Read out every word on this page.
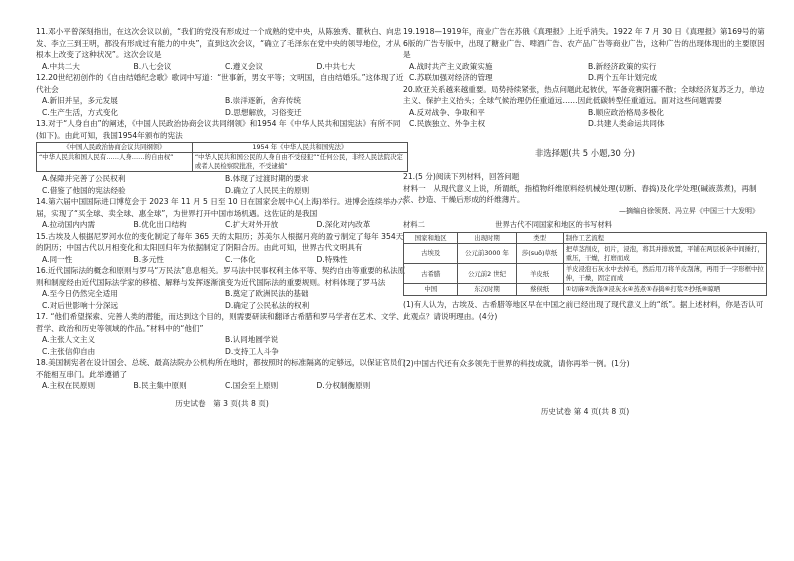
11.邓小平曾深刻指出，在这次会议以前，“我们的党没有形成过一个成熟的党中央，从陈独秀、瞿秋白、向忠发、李立三到王明，都没有形成过有能力的中央”，直到这次会议，“确立了毛泽东在党中央的领导地位，才从根本上改变了这种状况”。这次会议是
A.中共二大	B.八七会议	C.遵义会议	D.中共七大
12.20世纪初创作的《自由结婚纪念歌》歌词中写道：“世事新，男女平等；文明国，自由结婚乐。”这体现了近代社会
A.新旧并呈，多元发展	B.崇洋逐新，舍弃传统
C.生产生活，方式变化	D.思想解放，习俗变迁
13.对于“人身自由”的阐述，《中国人民政治协商会议共同纲领》和1954 年《中华人民共和国宪法》有所不同(如下)。由此可知，我国1954年颁布的宪法
《中国人民政治协商会议共同纲领》	1954 年《中华人民共和国宪法》
“中华人民共和国人民有……人身……的自由权”	“中华人民共和国公民的人身自由不受侵犯”“任何公民，非经人民法院决定或者人民检察院批准，不受逮捕”
A.保障并完善了公民权利	B.体现了过渡时期的要求
C.借鉴了他国的宪法经验	D.确立了人民民主的原则
14.第六届中国国际进口博览会于 2023 年 11 月 5 日至 10 日在国家会展中心(上海)举行。进博会连续举办六届，实现了“买全球、卖全球、惠全球”，为世界打开中国市场机遇。这佐证的是我国
A.拉动国内内需	B.优化出口结构	C.扩大对外开放	D.深化对内改革
15.古埃及人根据尼罗河水位的变化制定了每年 365 天的太阳历；苏美尔人根据月亮的盈亏制定了每年 354天的阴历；中国古代以月相变化和太阳回归年为依据制定了阴阳合历。由此可知，世界古代文明具有
A.同一性	B.多元性	C.一体化	D.特殊性
16.近代国际法的概念和原则与罗马“万民法”息息相关。罗马法中民事权利主体平等、契约自由等重要的私法原则和制度经由近代国际法学家的移植、解释与发挥逐渐演变为近代国际法的重要规则。材料体现了罗马法
A.至今日仍然完全适用	B.奠定了欧洲民法的基础
C.对后世影响十分深远	D.确定了公民私法的权利
17. “他们希望探索、完善人类的潜能，而达到这个目的，则需要研读和翻译古希腊和罗马学者在艺术、文学、哲学、政治和历史等领域的作品。”材料中的“他们”
A.主张人文主义	B.认同地圆学说
C.主张信仰自由	D.支持工人斗争
18.美国制宪者在设计国会、总统、最高法院办公机构所在地时，都按照时的标准隔离的定够远，以保证官员们不能相互串门。此举遵循了
A.主权在民原则	B.民主集中原则	C.国会至上原则	D.分权制衡原则
历史试卷　第 3 页(共 8 页)
19.1918—1919年，商业广告在苏俄《真理报》上近乎消失。1922 年 7 月 30 日《真理报》第169号的第6版的广告专版中，出现了糖业广告、啤酒广告、农产品广告等商业广告，这种广告的出现体现出的主要原因是
A.战时共产主义政策实施	B.新经济政策的实行
C.苏联加强对经济的管理	D.两个五年计划完成
20.欧亚关系越来越重要。局势持续紧张，热点问题此起彼伏，军备竞赛阴霾不散；全球经济复苏乏力，单边主义、保护主义抬头；全球气候治理仍任重道远……因此低碳转型任重道远。面对这些问题需要
A.反对战争、争取和平	B.顺应政治格局多极化
C.民族独立、外争主权	D.共建人类命运共同体
非选择题(共 5 小题,30 分)
21.(5 分)阅读下列材料，回答问题
材料一　从现代意义上说，所谓纸，指植物纤维原料经机械处理(切断、舂捣)及化学处理(碱液蒸煮)，再制浆、抄造、干燥后形成的纤维薄片。
—摘编自徐领贤、冯立昇《中国三十大发明》
材料二	世界古代不同国家和地区的书写材料
国家和地区	出现时期	类型	制作工艺流程
古埃及	公元前3000 年	莎(suō)草纸	把草茎削皮，切片，浸泡，将其并排放置，平铺在两层板条中间捶打，重压，干燥，打磨而成
古希腊	公元前2 世纪	羊皮纸	羊皮浸泡石灰水中去掉毛，然后用刀将羊皮刮薄，再用于一字形框中拉伸，干燥，固定而成
中国	东汉时期	蔡侯纸	①切麻②洗涤③浸灰水④蒸煮⑤春捣⑥打浆⑦抄纸⑧晾晒
(1)有人认为，古埃及、古希腊等地区早在中国之前已经出现了现代意义上的“纸”。据上述材料，你是否认可此观点？请说明理由。(4分)
(2)中国古代还有众多领先于世界的科技成就，请你再举一例。(1分)
历史试卷 第 4 页(共 8 页)
